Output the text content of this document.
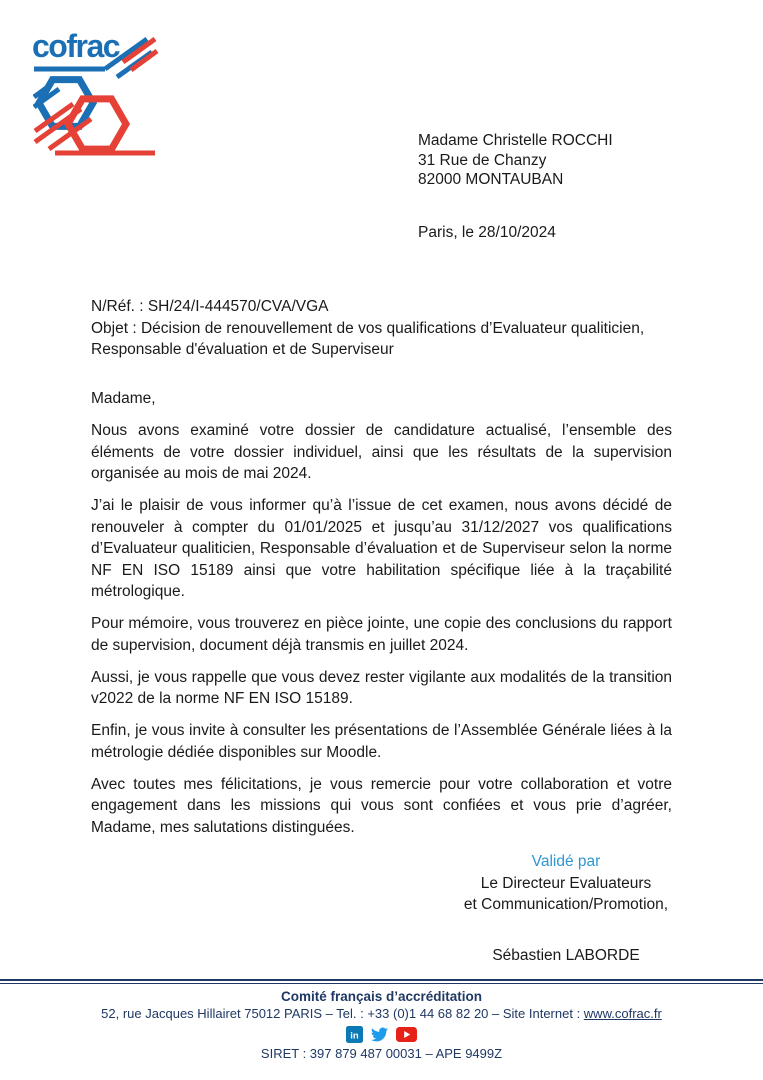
cofrac
Madame Christelle ROCCHI
31 Rue de Chanzy
82000 MONTAUBAN
Paris, le 28/10/2024

N/Réf. : SH/24/I-444570/CVA/VGA

Objet : Décision de renouvellement de vos qualifications d’Evaluateur qualiticien, Responsable d'évaluation et de Superviseur

Madame,

Nous avons examiné votre dossier de candidature actualisé, l’ensemble des éléments de votre dossier individuel, ainsi que les résultats de la supervision organisée au mois de mai 2024.

J’ai le plaisir de vous informer qu’à l’issue de cet examen, nous avons décidé de renouveler à compter du 01/01/2025 et jusqu’au 31/12/2027 vos qualifications d’Evaluateur qualiticien, Responsable d’évaluation et de Superviseur selon la norme NF EN ISO 15189 ainsi que votre habilitation spécifique liée à la traçabilité métrologique.

Pour mémoire, vous trouverez en pièce jointe, une copie des conclusions du rapport de supervision, document déjà transmis en juillet 2024.

Aussi, je vous rappelle que vous devez rester vigilante aux modalités de la transition v2022 de la norme NF EN ISO 15189.

Enfin, je vous invite à consulter les présentations de l’Assemblée Générale liées à la métrologie dédiée disponibles sur Moodle.

Avec toutes mes félicitations, je vous remercie pour votre collaboration et votre engagement dans les missions qui vous sont confiées et vous prie d’agréer, Madame, mes salutations distinguées.

Validé par
Le Directeur Evaluateurs
et Communication/Promotion,
Sébastien LABORDE
Comité français d’accréditation
52, rue Jacques Hillairet 75012 PARIS – Tel. : +33 (0)1 44 68 82 20 – Site Internet : www.cofrac.fr
in
SIRET : 397 879 487 00031 – APE 9499Z
